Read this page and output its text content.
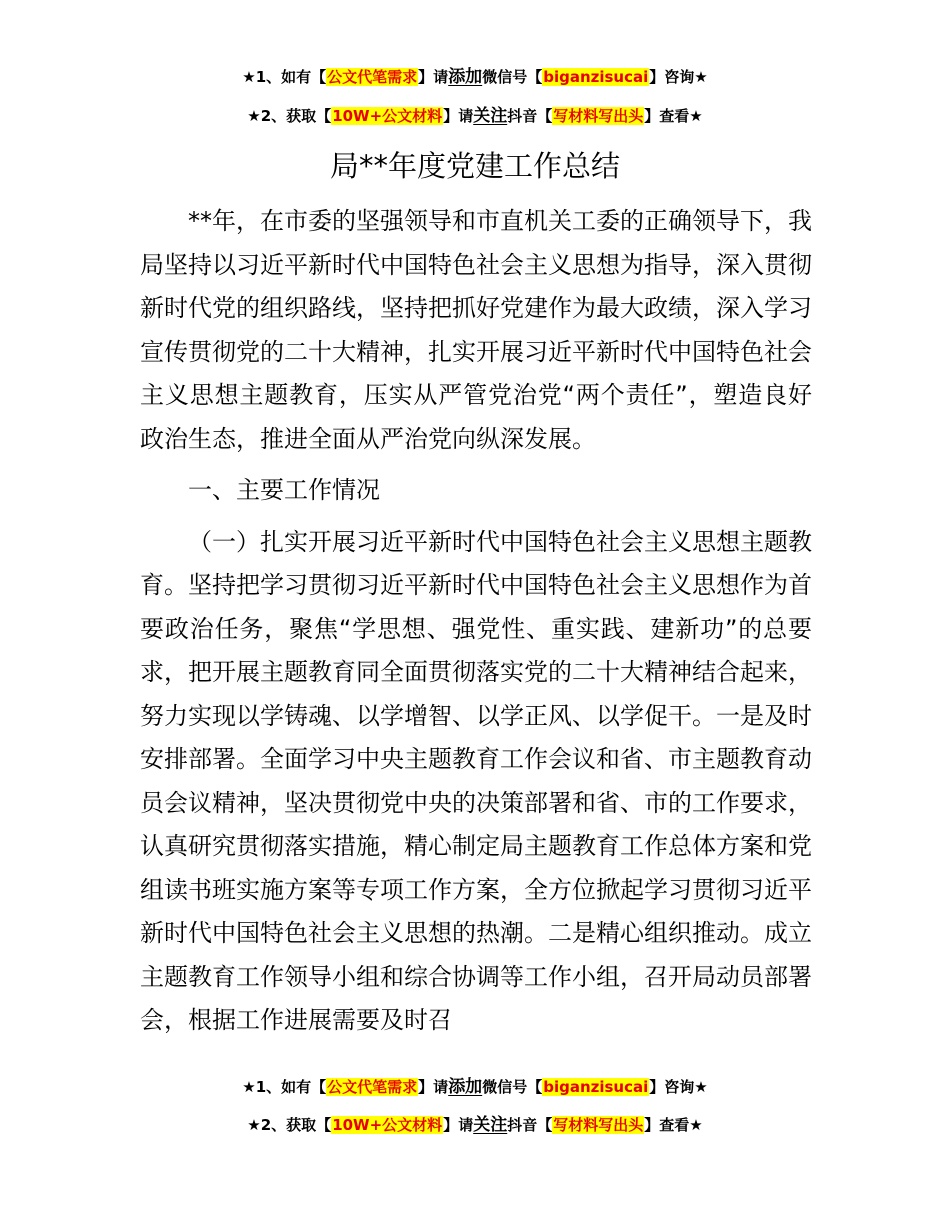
★1、如有【公文代笔需求】请添加微信号【biganzisucai】咨询★
★2、获取【10W+公文材料】请关注抖音【写材料写出头】查看★
局**年度党建工作总结

**年，在市委的坚强领导和市直机关工委的正确领导下，我局坚持以习近平新时代中国特色社会主义思想为指导，深入贯彻新时代党的组织路线，坚持把抓好党建作为最大政绩，深入学习宣传贯彻党的二十大精神，扎实开展习近平新时代中国特色社会主义思想主题教育，压实从严管党治党“两个责任”，塑造良好政治生态，推进全面从严治党向纵深发展。

一、主要工作情况

（一）扎实开展习近平新时代中国特色社会主义思想主题教育。坚持把学习贯彻习近平新时代中国特色社会主义思想作为首要政治任务，聚焦“学思想、强党性、重实践、建新功”的总要求，把开展主题教育同全面贯彻落实党的二十大精神结合起来，努力实现以学铸魂、以学增智、以学正风、以学促干。一是及时安排部署。全面学习中央主题教育工作会议和省、市主题教育动员会议精神，坚决贯彻党中央的决策部署和省、市的工作要求，认真研究贯彻落实措施，精心制定局主题教育工作总体方案和党组读书班实施方案等专项工作方案，全方位掀起学习贯彻习近平新时代中国特色社会主义思想的热潮。二是精心组织推动。成立主题教育工作领导小组和综合协调等工作小组，召开局动员部署会，根据工作进展需要及时召

★1、如有【公文代笔需求】请添加微信号【biganzisucai】咨询★
★2、获取【10W+公文材料】请关注抖音【写材料写出头】查看★
